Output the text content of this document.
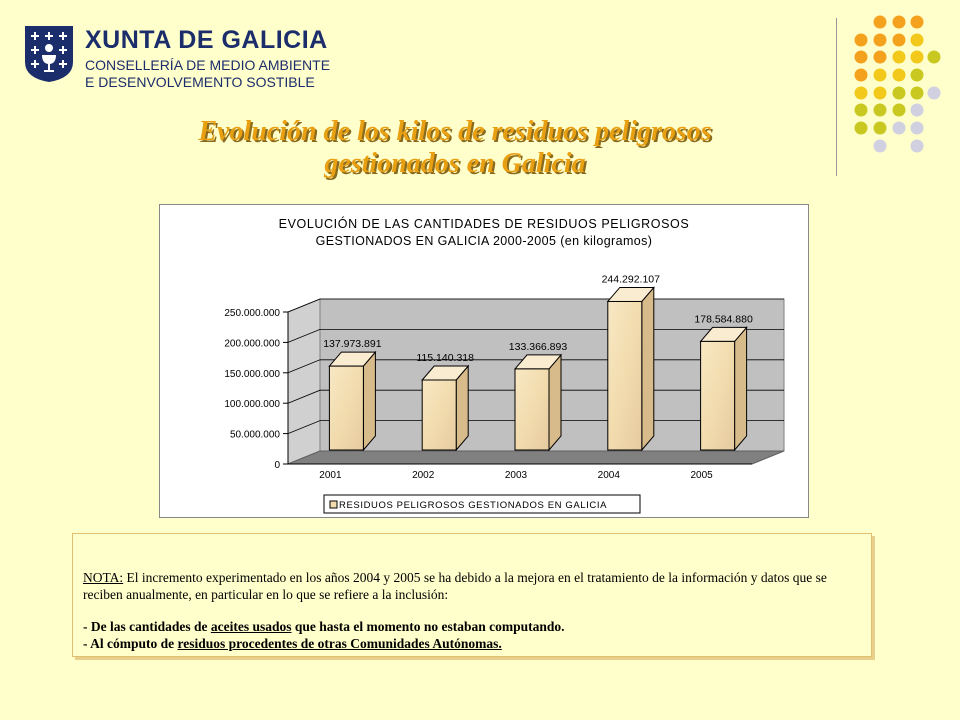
XUNTA DE GALICIA
CONSELLERÍA DE MEDIO AMBIENTE
E DESENVOLVEMENTO SOSTIBLE
Evolución de los kilos de residuos peligrosos
gestionados en Galicia
0
50.000.000
100.000.000
150.000.000
200.000.000
250.000.000
137.973.891
2001
115.140.318
2002
133.366.893
2003
244.292.107
2004
178.584.880
2005
EVOLUCIÓN DE LAS CANTIDADES DE RESIDUOS PELIGROSOS
GESTIONADOS EN GALICIA 2000-2005 (en kilogramos)
RESIDUOS PELIGROSOS GESTIONADOS EN GALICIA

NOTA: El incremento experimentado en los años 2004 y 2005 se ha debido a la mejora en el tratamiento de la información y datos que se reciben anualmente, en particular en lo que se refiere a la inclusión:

- De las cantidades de aceites usados que hasta el momento no estaban computando.

- Al cómputo de residuos procedentes de otras Comunidades Autónomas.
